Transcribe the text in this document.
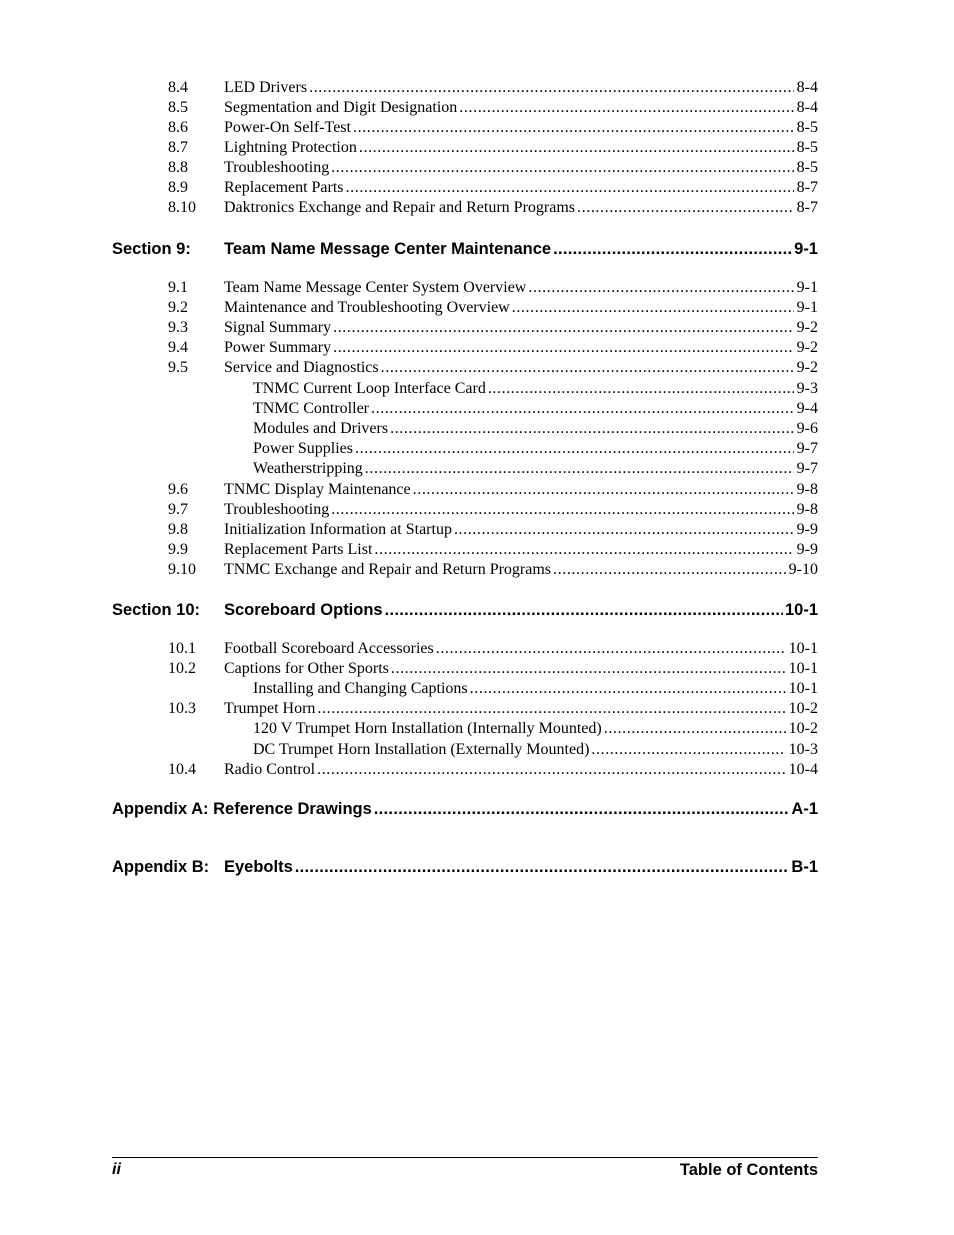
8.4 LED Drivers .....	8-4
8.5 Segmentation and Digit Designation .....	8-4
8.6 Power-On Self-Test .....	8-5
8.7 Lightning Protection .....	8-5
8.8 Troubleshooting .....	8-5
8.9 Replacement Parts .....	8-7
8.10 Daktronics Exchange and Repair and Return Programs .....	8-7
Section 9: Team Name Message Center Maintenance .....	9-1
9.1 Team Name Message Center System Overview .....	9-1
9.2 Maintenance and Troubleshooting Overview .....	9-1
9.3 Signal Summary .....	9-2
9.4 Power Summary .....	9-2
9.5 Service and Diagnostics .....	9-2
TNMC Current Loop Interface Card .....	9-3
TNMC Controller .....	9-4
Modules and Drivers .....	9-6
Power Supplies .....	9-7
Weatherstripping .....	9-7
9.6 TNMC Display Maintenance .....	9-8
9.7 Troubleshooting .....	9-8
9.8 Initialization Information at Startup .....	9-9
9.9 Replacement Parts List .....	9-9
9.10 TNMC Exchange and Repair and Return Programs .....	9-10
Section 10: Scoreboard Options .....	10-1
10.1 Football Scoreboard Accessories .....	10-1
10.2 Captions for Other Sports .....	10-1
Installing and Changing Captions .....	10-1
10.3 Trumpet Horn .....	10-2
120 V Trumpet Horn Installation (Internally Mounted) .....	10-2
DC Trumpet Horn Installation (Externally Mounted) .....	10-3
10.4 Radio Control .....	10-4
Appendix A: Reference Drawings .....	A-1
Appendix B: Eyebolts .....	B-1
ii	Table of Contents
